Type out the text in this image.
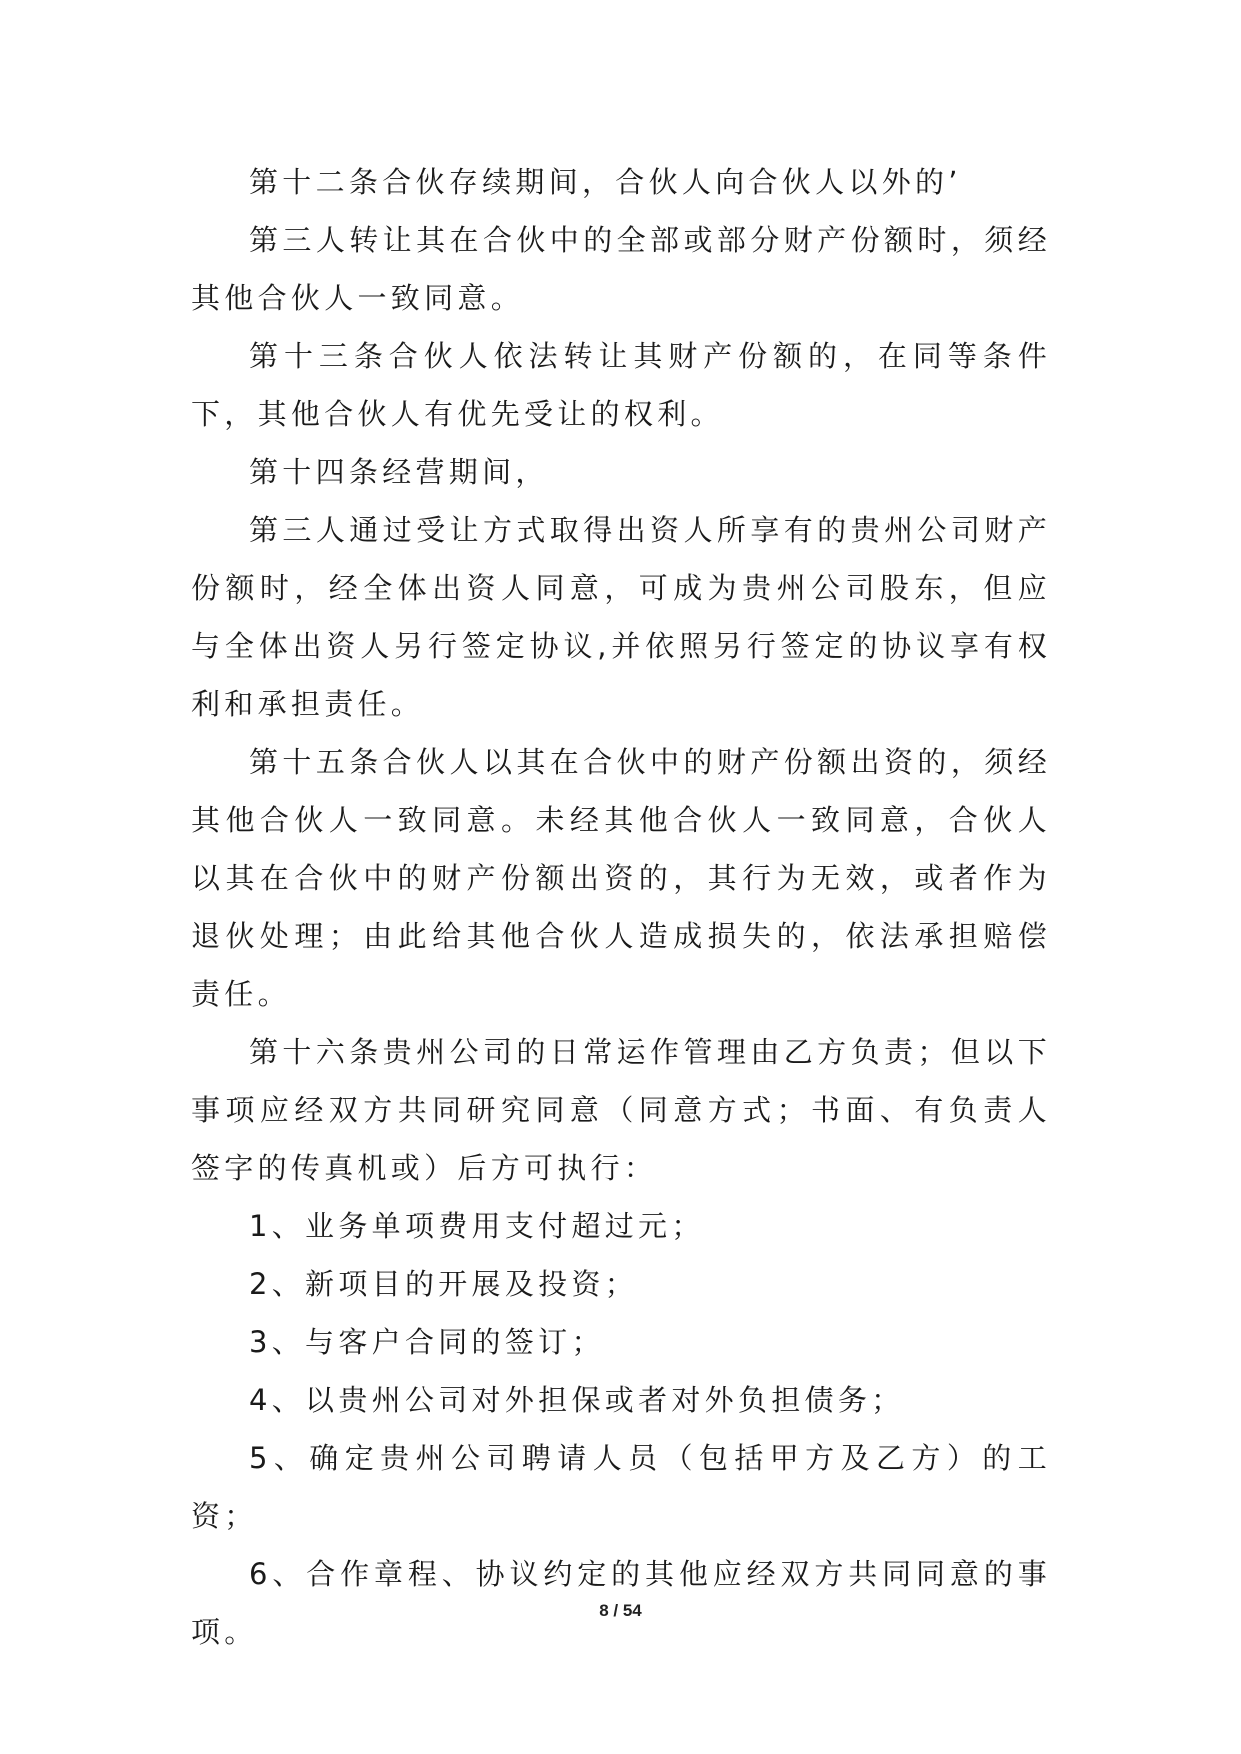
第十二条合伙存续期间，合伙人向合伙人以外的’

第三人转让其在合伙中的全部或部分财产份额时，须经其他合伙人一致同意。

第十三条合伙人依法转让其财产份额的，在同等条件下，其他合伙人有优先受让的权利。

第十四条经营期间，

第三人通过受让方式取得出资人所享有的贵州公司财产份额时，经全体出资人同意，可成为贵州公司股东，但应与全体出资人另行签定协议,并依照另行签定的协议享有权利和承担责任。

第十五条合伙人以其在合伙中的财产份额出资的，须经其他合伙人一致同意。未经其他合伙人一致同意，合伙人以其在合伙中的财产份额出资的，其行为无效，或者作为退伙处理；由此给其他合伙人造成损失的，依法承担赔偿责任。

第十六条贵州公司的日常运作管理由乙方负责；但以下事项应经双方共同研究同意（同意方式；书面、有负责人签字的传真机或）后方可执行：

1、业务单项费用支付超过元；

2、新项目的开展及投资；

3、与客户合同的签订；

4、以贵州公司对外担保或者对外负担债务；

5、确定贵州公司聘请人员（包括甲方及乙方）的工资；

6、合作章程、协议约定的其他应经双方共同同意的事项。

8 / 54
